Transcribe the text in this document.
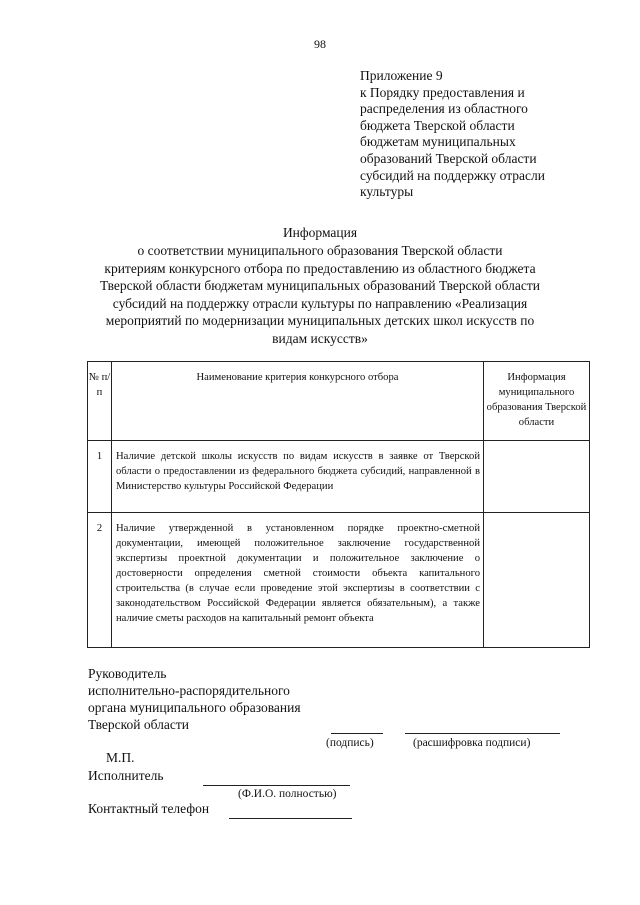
98
Приложение 9
к Порядку предоставления и
распределения из областного
бюджета Тверской области
бюджетам муниципальных
образований Тверской области
субсидий на поддержку отрасли
культуры
Информация
о соответствии муниципального образования Тверской области
критериям конкурсного отбора по предоставлению из областного бюджета
Тверской области бюджетам муниципальных образований Тверской области
субсидий на поддержку отрасли культуры по направлению «Реализация
мероприятий по модернизации муниципальных детских школ искусств по
видам искусств»
№ п/п	Наименование критерия конкурсного отбора	Информация муниципального образования Тверской области
1	Наличие детской школы искусств по видам искусств в заявке от Тверской области о предоставлении из федерального бюджета субсидий, направленной в Министерство культуры Российской Федерации	
2	Наличие утвержденной в установленном порядке проектно-сметной документации, имеющей положительное заключение государственной экспертизы проектной документации и положительное заключение о достоверности определения сметной стоимости объекта капитального строительства (в случае если проведение этой экспертизы в соответствии с законодательством Российской Федерации является обязательным), а также наличие сметы расходов на капитальный ремонт объекта	
Руководитель
исполнительно-распорядительного
органа муниципального образования
Тверской области
(подпись)	(расшифровка подписи)
М.П.
Исполнитель
(Ф.И.О. полностью)
Контактный телефон
